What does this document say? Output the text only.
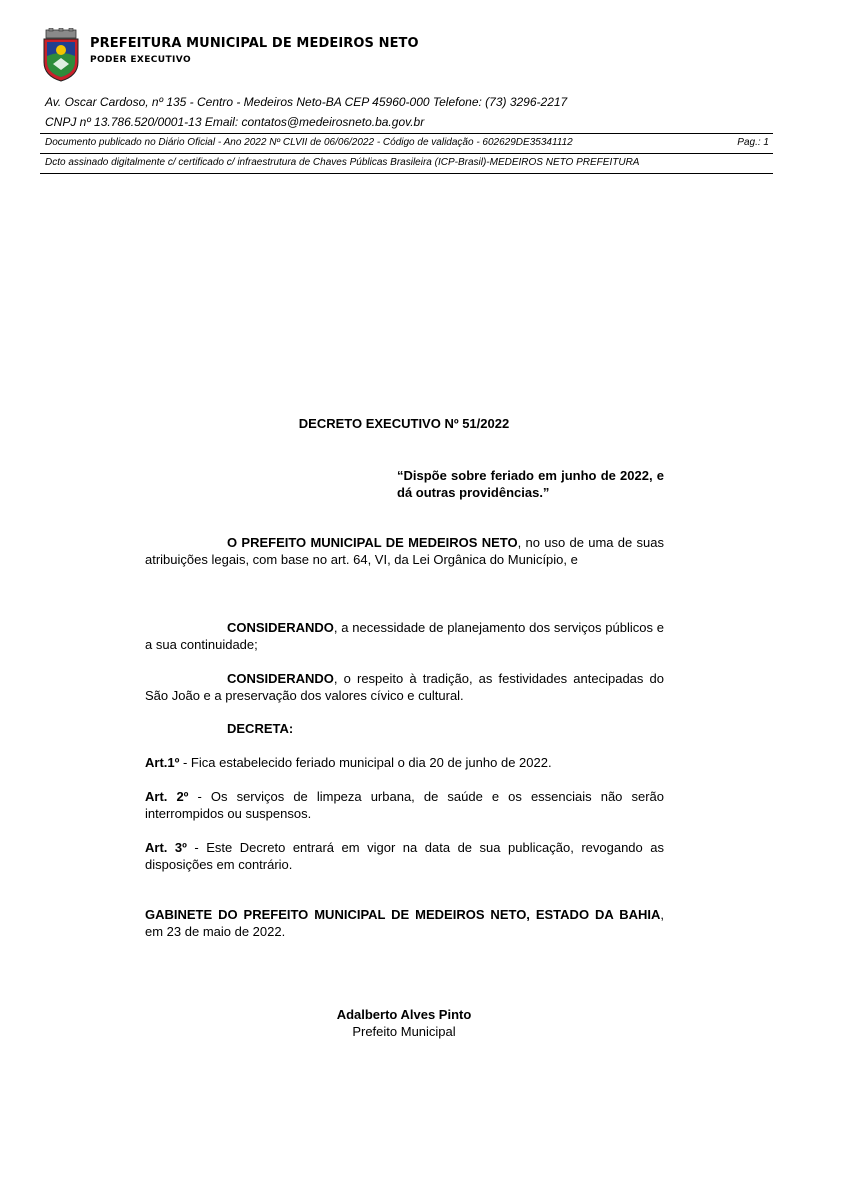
PREFEITURA MUNICIPAL DE MEDEIROS NETO
PODER EXECUTIVO
Av. Oscar Cardoso, nº 135 - Centro - Medeiros Neto-BA CEP 45960-000 Telefone: (73) 3296-2217
CNPJ nº 13.786.520/0001-13 Email: contatos@medeirosneto.ba.gov.br
Documento publicado no Diário Oficial - Ano 2022 Nº CLVII de 06/06/2022 - Código de validação - 602629DE35341112	Pag.: 1
Dcto assinado digitalmente c/ certificado c/ infraestrutura de Chaves Públicas Brasileira (ICP-Brasil)-MEDEIROS NETO PREFEITURA
DECRETO EXECUTIVO Nº 51/2022
“Dispõe sobre feriado em junho de 2022, e dá outras providências.”
O PREFEITO MUNICIPAL DE MEDEIROS NETO, no uso de uma de suas atribuições legais, com base no art. 64, VI, da Lei Orgânica do Município, e
CONSIDERANDO, a necessidade de planejamento dos serviços públicos e a sua continuidade;
CONSIDERANDO, o respeito à tradição, as festividades antecipadas do São João e a preservação dos valores cívico e cultural.
DECRETA:
Art.1º - Fica estabelecido feriado municipal o dia 20 de junho de 2022.
Art. 2º - Os serviços de limpeza urbana, de saúde e os essenciais não serão interrompidos ou suspensos.
Art. 3º - Este Decreto entrará em vigor na data de sua publicação, revogando as disposições em contrário.
GABINETE DO PREFEITO MUNICIPAL DE MEDEIROS NETO, ESTADO DA BAHIA, em 23 de maio de 2022.
Adalberto Alves Pinto
Prefeito Municipal
